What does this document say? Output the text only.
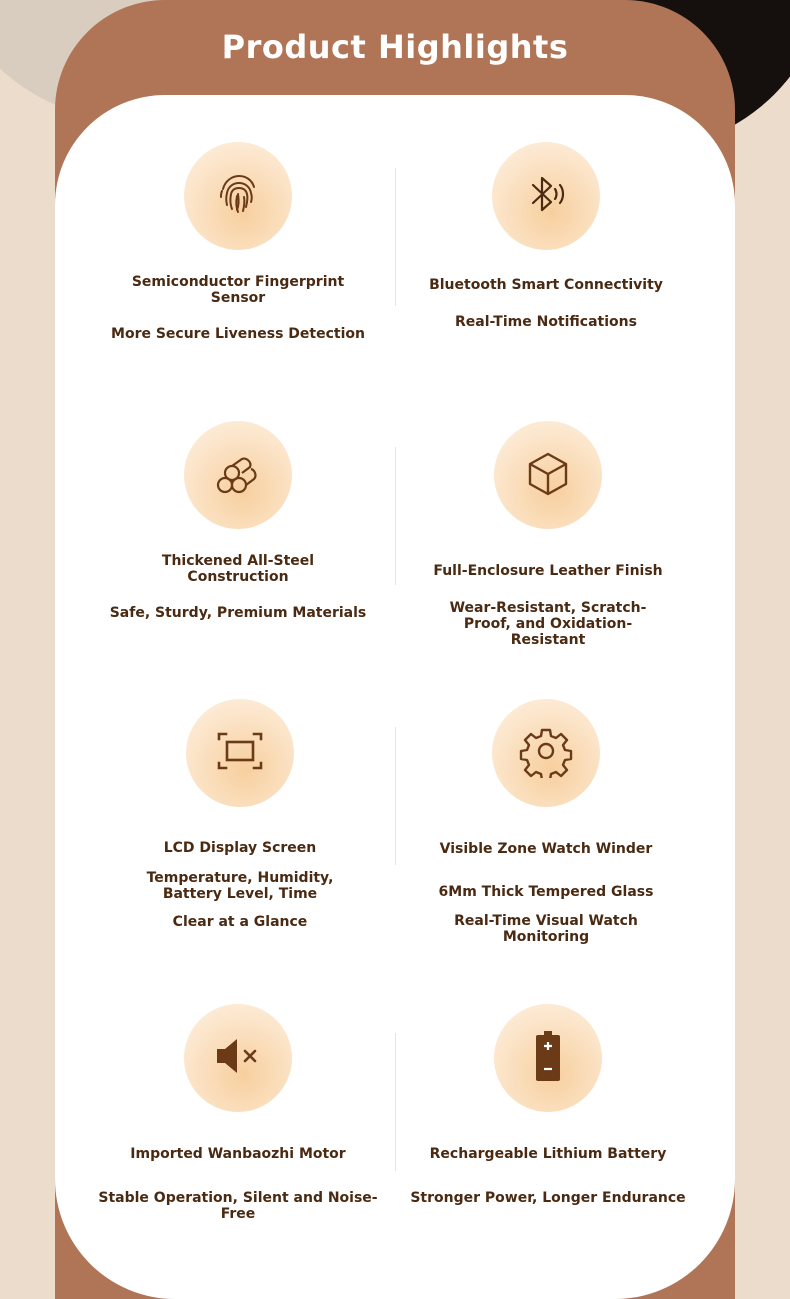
Product Highlights
Semiconductor Fingerprint Sensor
More Secure Liveness Detection
Bluetooth Smart Connectivity
Real-Time Notifications
Thickened All-Steel Construction
Safe, Sturdy, Premium Materials
Full-Enclosure Leather Finish
Wear-Resistant, Scratch-Proof, and Oxidation-Resistant
LCD Display Screen
Temperature, Humidity, Battery Level, Time
Clear at a Glance
Visible Zone Watch Winder
6Mm Thick Tempered Glass
Real-Time Visual Watch Monitoring
Imported Wanbaozhi Motor
Stable Operation, Silent and Noise-Free
Rechargeable Lithium Battery
Stronger Power, Longer Endurance
